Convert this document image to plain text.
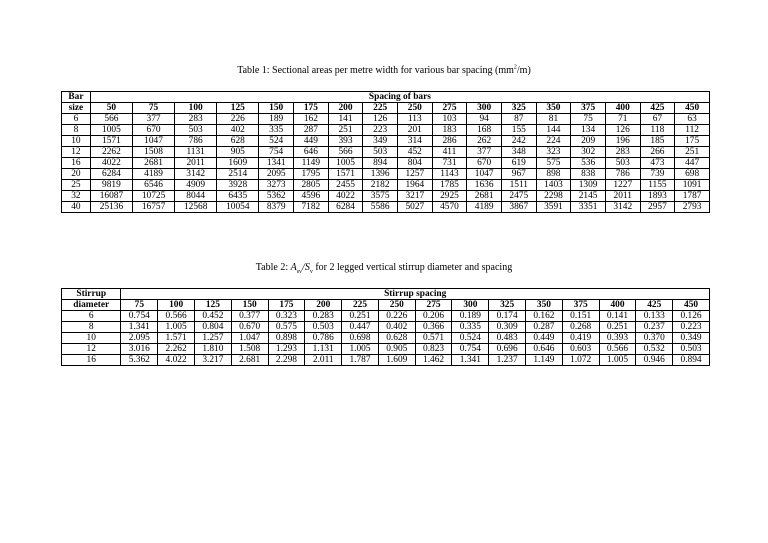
Table 1: Sectional areas per metre width for various bar spacing $(mm^2/m)$
Bar	Spacing of bars																
size	50	75	100	125	150	175	200	225	250	275	300	325	350	375	400	425	450
6	566	377	283	226	189	162	141	126	113	103	94	87	81	75	71	67	63
8	1005	670	503	402	335	287	251	223	201	183	168	155	144	134	126	118	112
10	1571	1047	786	628	524	449	393	349	314	286	262	242	224	209	196	185	175
12	2262	1508	1131	905	754	646	566	503	452	411	377	348	323	302	283	266	251
16	4022	2681	2011	1609	1341	1149	1005	894	804	731	670	619	575	536	503	473	447
20	6284	4189	3142	2514	2095	1795	1571	1396	1257	1143	1047	967	898	838	786	739	698
25	9819	6546	4909	3928	3273	2805	2455	2182	1964	1785	1636	1511	1403	1309	1227	1155	1091
32	16087	10725	8044	6435	5362	4596	4022	3575	3217	2925	2681	2475	2298	2145	2011	1893	1787
40	25136	16757	12568	10054	8379	7182	6284	5586	5027	4570	4189	3867	3591	3351	3142	2957	2793
Table 2: $A_{sv}/S_v$ for 2 legged vertical stirrup diameter and spacing
Stirrup	Stirrup spacing															
diameter	75	100	125	150	175	200	225	250	275	300	325	350	375	400	425	450
6	0.754	0.566	0.452	0.377	0.323	0.283	0.251	0.226	0.206	0.189	0.174	0.162	0.151	0.141	0.133	0.126
8	1.341	1.005	0.804	0.670	0.575	0.503	0.447	0.402	0.366	0.335	0.309	0.287	0.268	0.251	0.237	0.223
10	2.095	1.571	1.257	1.047	0.898	0.786	0.698	0.628	0.571	0.524	0.483	0.449	0.419	0.393	0.370	0.349
12	3.016	2.262	1.810	1.508	1.293	1.131	1.005	0.905	0.823	0.754	0.696	0.646	0.603	0.566	0.532	0.503
16	5.362	4.022	3.217	2.681	2.298	2.011	1.787	1.609	1.462	1.341	1.237	1.149	1.072	1.005	0.946	0.894
